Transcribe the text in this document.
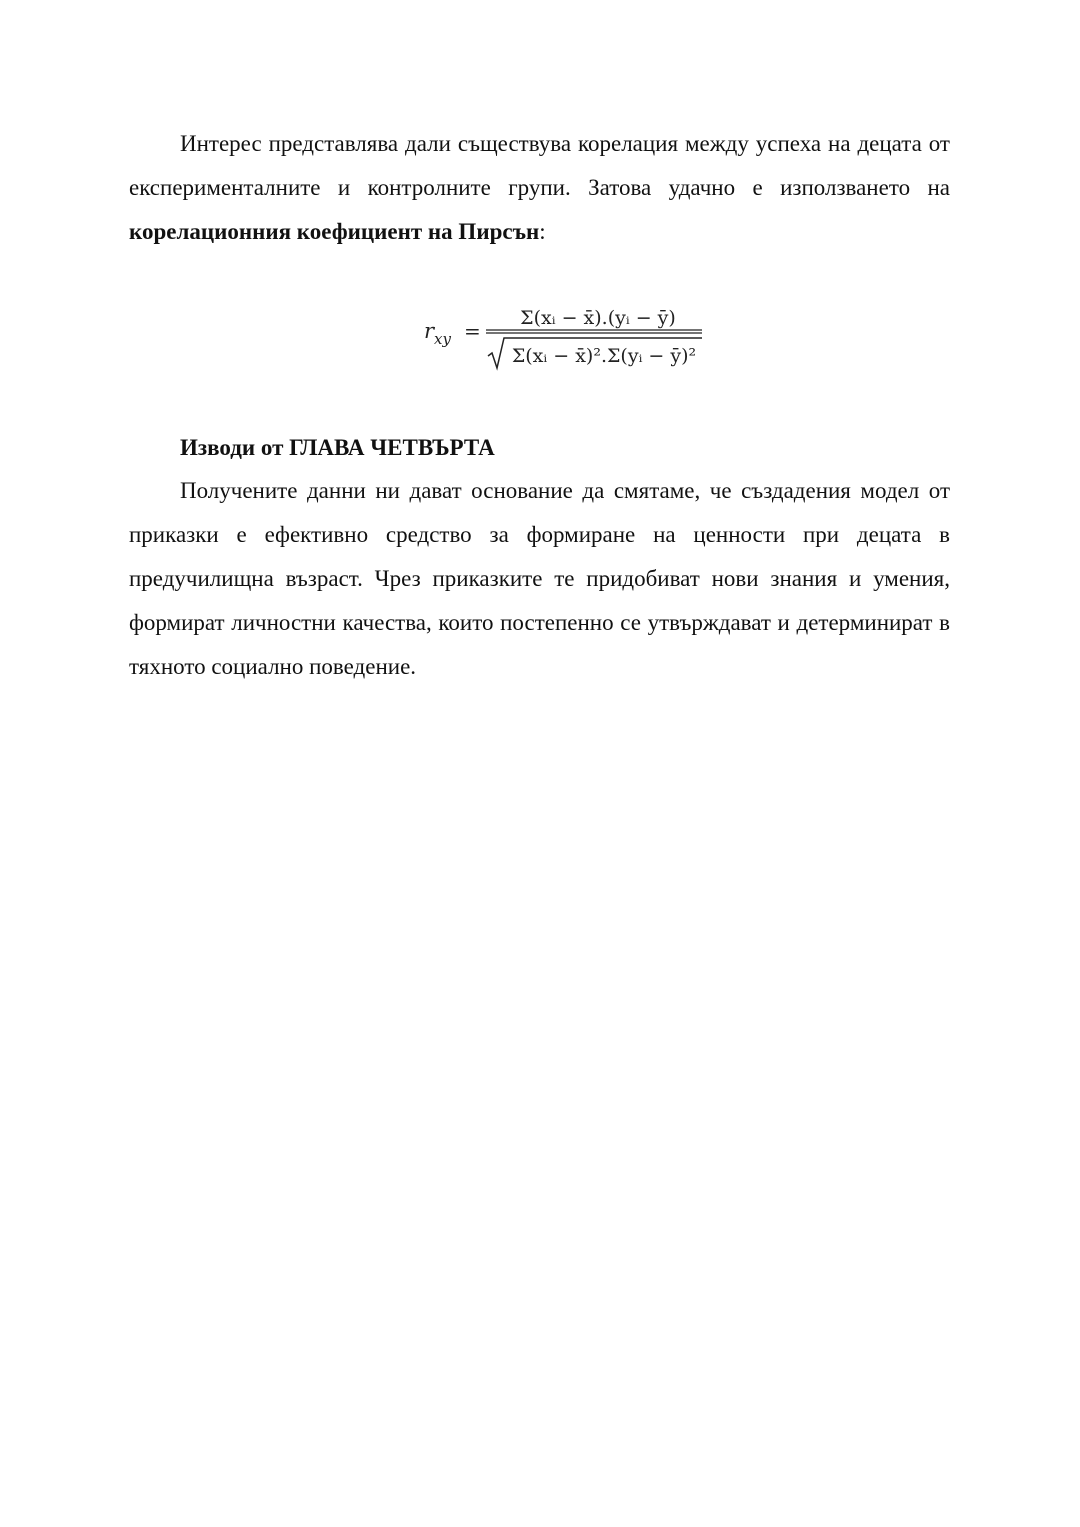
Интерес представлява дали съществува корелация между успеха на децата от експерименталните и контролните групи. Затова удачно е използването на корелационния коефициент на Пирсън:

r xy =
Σ(xᵢ − x̄).(yᵢ − ȳ)
Σ(xᵢ − x̄)².Σ(yᵢ − ȳ)²
Изводи от ГЛАВА ЧЕТВЪРТА

Получените данни ни дават основание да смятаме, че създадения модел от приказки е ефективно средство за формиране на ценности при децата в предучилищна възраст. Чрез приказките те придобиват нови знания и умения, формират личностни качества, които постепенно се утвърждават и детерминират в тяхното социално поведение.
